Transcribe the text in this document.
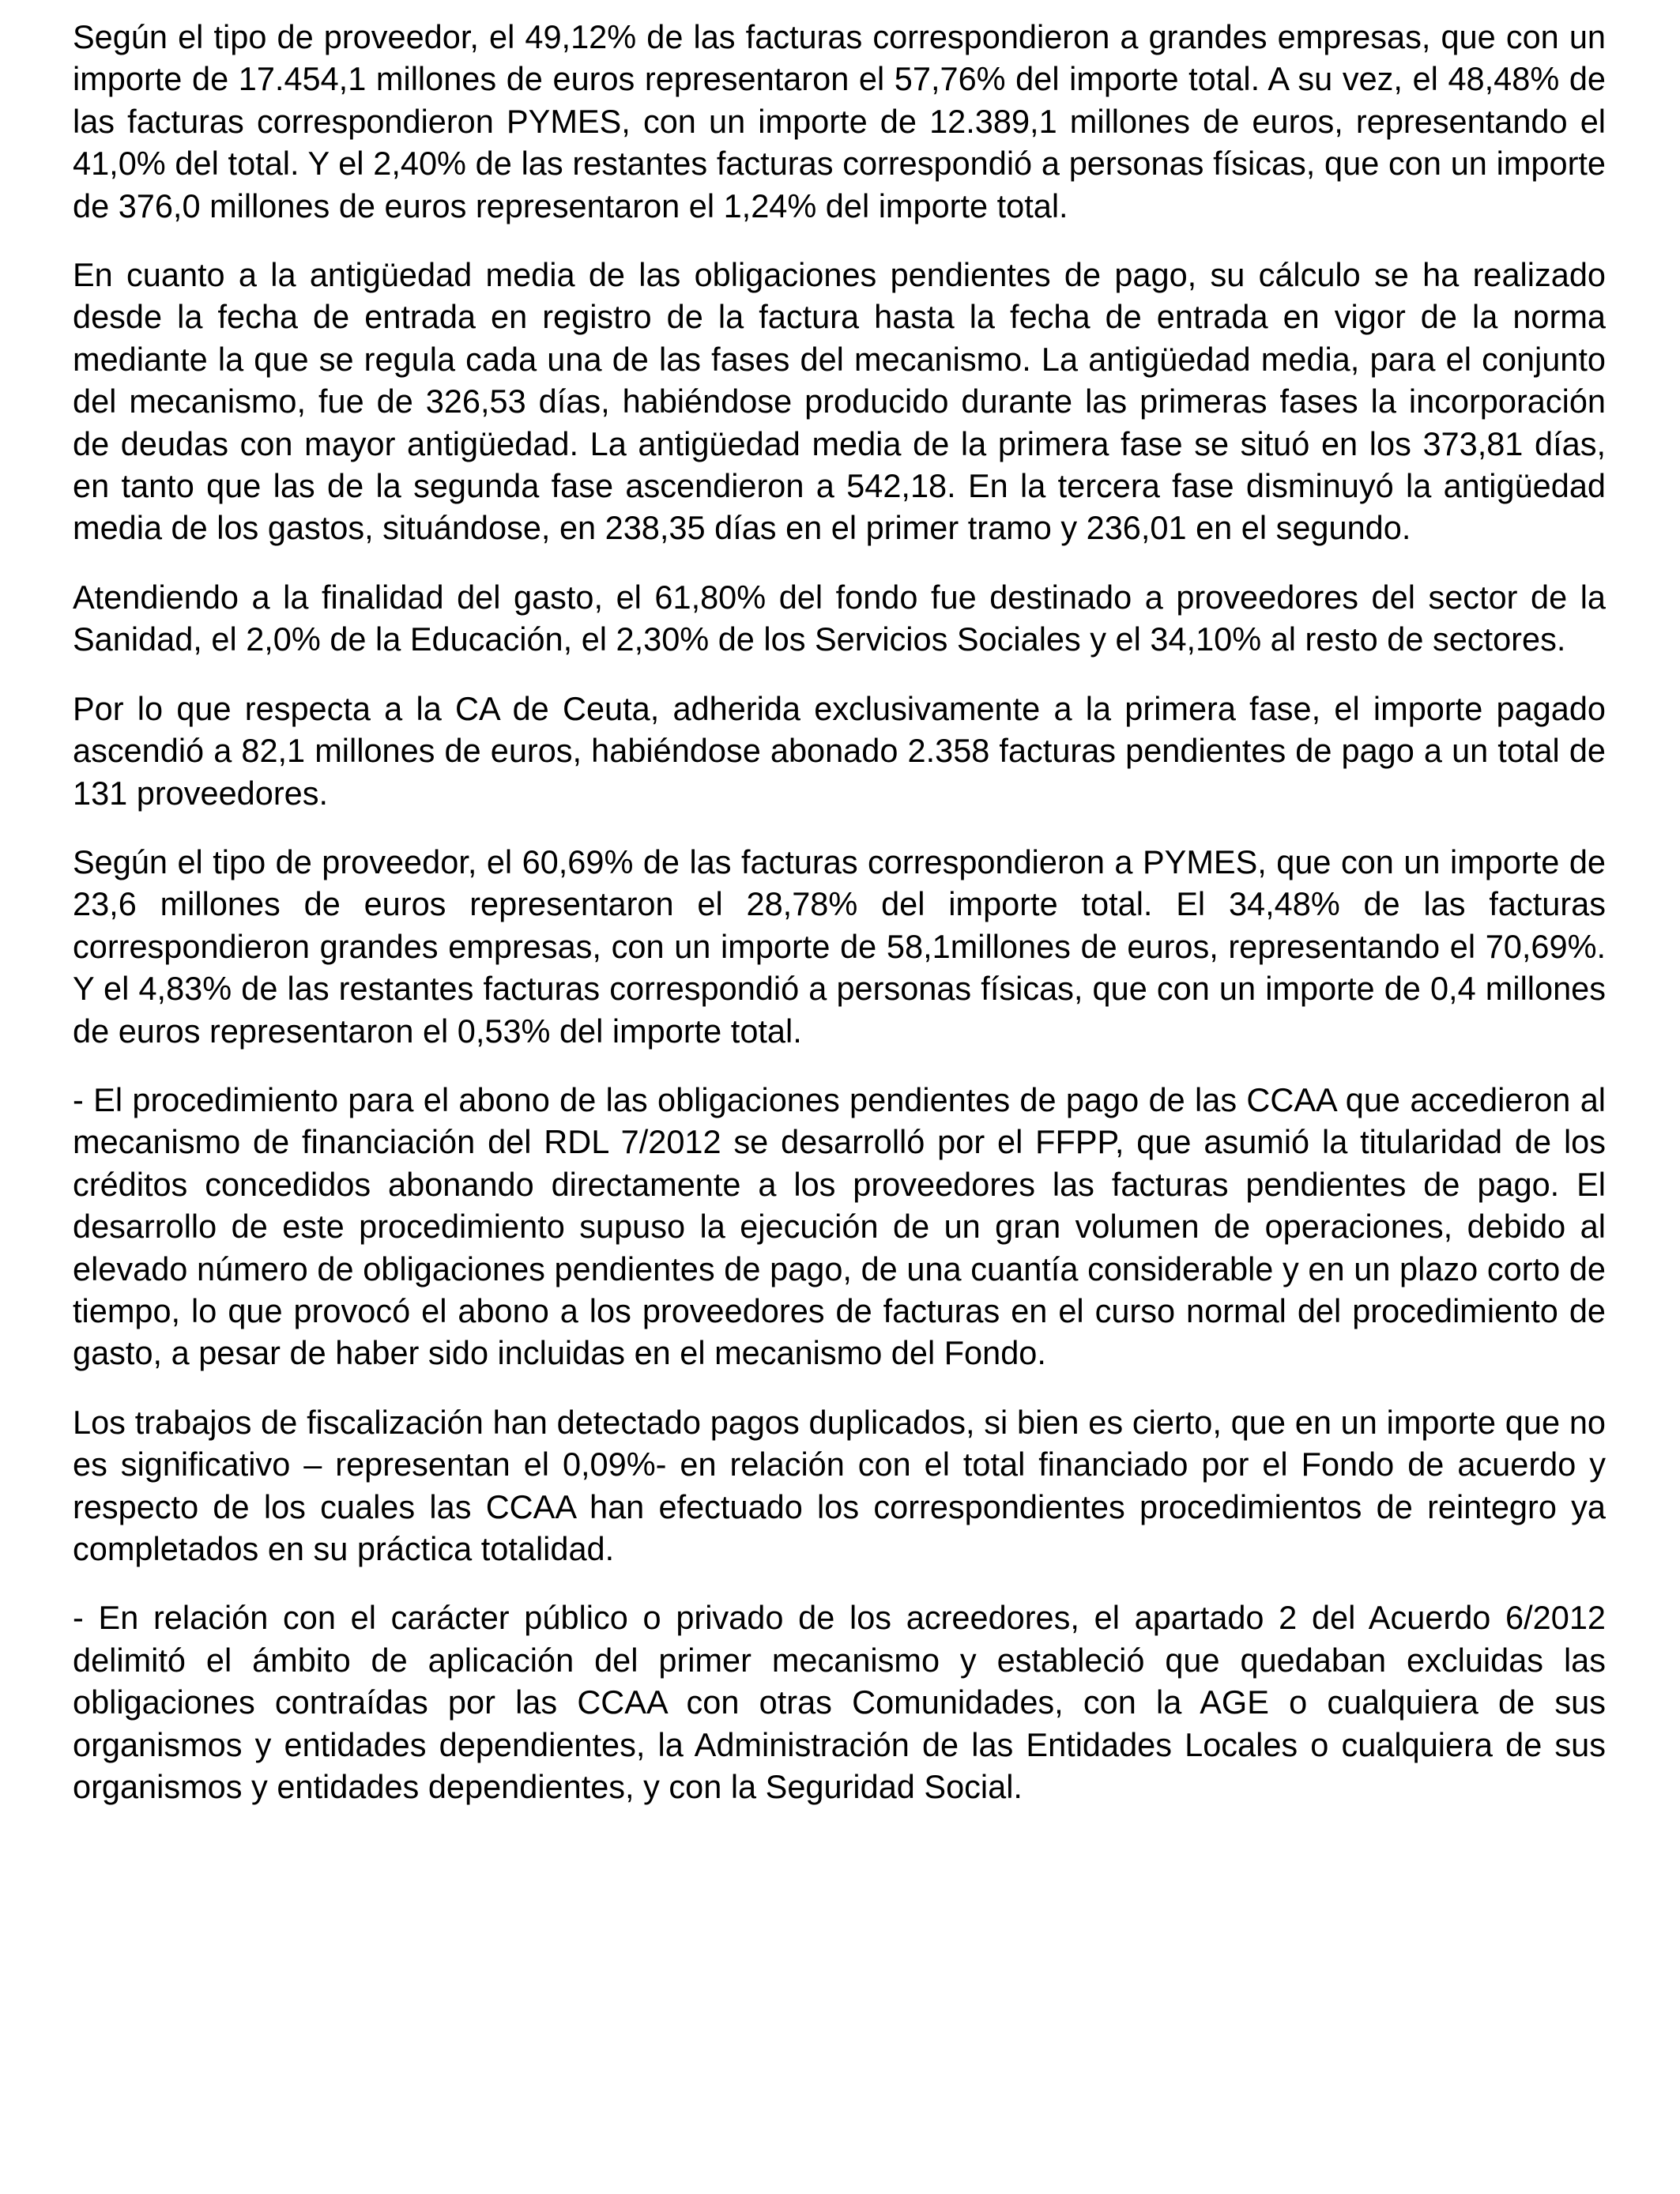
Según el tipo de proveedor, el 49,12% de las facturas correspondieron a grandes empresas, que con un importe de 17.454,1 millones de euros representaron el 57,76% del importe total. A su vez, el 48,48% de las facturas correspondieron PYMES, con un importe de 12.389,1 millones de euros, representando el 41,0% del total. Y el 2,40% de las restantes facturas correspondió a personas físicas, que con un importe de 376,0 millones de euros representaron el 1,24% del importe total.

En cuanto a la antigüedad media de las obligaciones pendientes de pago, su cálculo se ha realizado desde la fecha de entrada en registro de la factura hasta la fecha de entrada en vigor de la norma mediante la que se regula cada una de las fases del mecanismo. La antigüedad media, para el conjunto del mecanismo, fue de 326,53 días, habiéndose producido durante las primeras fases la incorporación de deudas con mayor antigüedad. La antigüedad media de la primera fase se situó en los 373,81 días, en tanto que las de la segunda fase ascendieron a 542,18. En la tercera fase disminuyó la antigüedad media de los gastos, situándose, en 238,35 días en el primer tramo y 236,01 en el segundo.

Atendiendo a la finalidad del gasto, el 61,80% del fondo fue destinado a proveedores del sector de la Sanidad, el 2,0% de la Educación, el 2,30% de los Servicios Sociales y el 34,10% al resto de sectores.

Por lo que respecta a la CA de Ceuta, adherida exclusivamente a la primera fase, el importe pagado ascendió a 82,1 millones de euros, habiéndose abonado 2.358 facturas pendientes de pago a un total de 131 proveedores.

Según el tipo de proveedor, el 60,69% de las facturas correspondieron a PYMES, que con un importe de 23,6 millones de euros representaron el 28,78% del importe total. El 34,48% de las facturas correspondieron grandes empresas, con un importe de 58,1millones de euros, representando el 70,69%. Y el 4,83% de las restantes facturas correspondió a personas físicas, que con un importe de 0,4 millones de euros representaron el 0,53% del importe total.

- El procedimiento para el abono de las obligaciones pendientes de pago de las CCAA que accedieron al mecanismo de financiación del RDL 7/2012 se desarrolló por el FFPP, que asumió la titularidad de los créditos concedidos abonando directamente a los proveedores las facturas pendientes de pago. El desarrollo de este procedimiento supuso la ejecución de un gran volumen de operaciones, debido al elevado número de obligaciones pendientes de pago, de una cuantía considerable y en un plazo corto de tiempo, lo que provocó el abono a los proveedores de facturas en el curso normal del procedimiento de gasto, a pesar de haber sido incluidas en el mecanismo del Fondo.

Los trabajos de fiscalización han detectado pagos duplicados, si bien es cierto, que en un importe que no es significativo – representan el 0,09%- en relación con el total financiado por el Fondo de acuerdo y respecto de los cuales las CCAA han efectuado los correspondientes procedimientos de reintegro ya completados en su práctica totalidad.

- En relación con el carácter público o privado de los acreedores, el apartado 2 del Acuerdo 6/2012 delimitó el ámbito de aplicación del primer mecanismo y estableció que quedaban excluidas las obligaciones contraídas por las CCAA con otras Comunidades, con la AGE o cualquiera de sus organismos y entidades dependientes, la Administración de las Entidades Locales o cualquiera de sus organismos y entidades dependientes, y con la Seguridad Social.
